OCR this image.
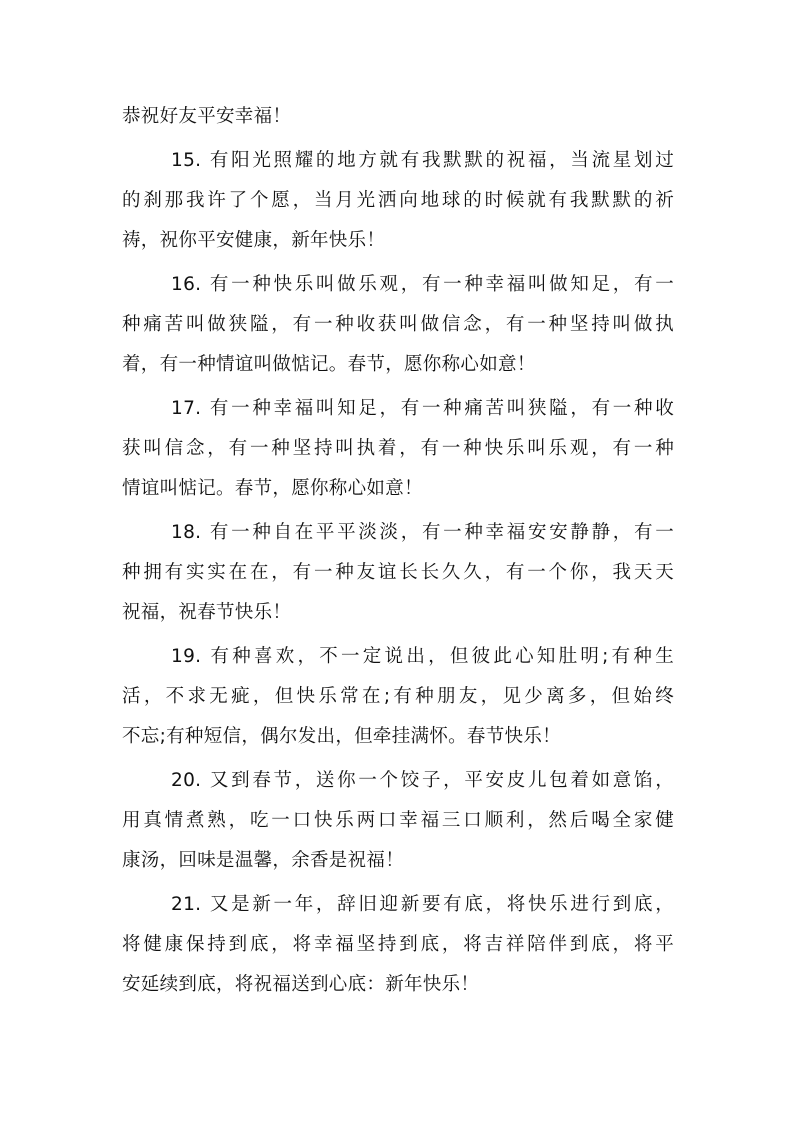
恭祝好友平安幸福！
15. 有阳光照耀的地方就有我默默的祝福，当流星划过
的刹那我许了个愿，当月光洒向地球的时候就有我默默的祈
祷，祝你平安健康，新年快乐！
16. 有一种快乐叫做乐观，有一种幸福叫做知足，有一
种痛苦叫做狭隘，有一种收获叫做信念，有一种坚持叫做执
着，有一种情谊叫做惦记。春节，愿你称心如意！
17. 有一种幸福叫知足，有一种痛苦叫狭隘，有一种收
获叫信念，有一种坚持叫执着，有一种快乐叫乐观，有一种
情谊叫惦记。春节，愿你称心如意！
18. 有一种自在平平淡淡，有一种幸福安安静静，有一
种拥有实实在在，有一种友谊长长久久，有一个你，我天天
祝福，祝春节快乐！
19. 有种喜欢，不一定说出，但彼此心知肚明;有种生
活，不求无疵，但快乐常在;有种朋友，见少离多，但始终
不忘;有种短信，偶尔发出，但牵挂满怀。春节快乐！
20. 又到春节，送你一个饺子，平安皮儿包着如意馅，
用真情煮熟，吃一口快乐两口幸福三口顺利，然后喝全家健
康汤，回味是温馨，余香是祝福！
21. 又是新一年，辞旧迎新要有底，将快乐进行到底，
将健康保持到底，将幸福坚持到底，将吉祥陪伴到底，将平
安延续到底，将祝福送到心底：新年快乐！
